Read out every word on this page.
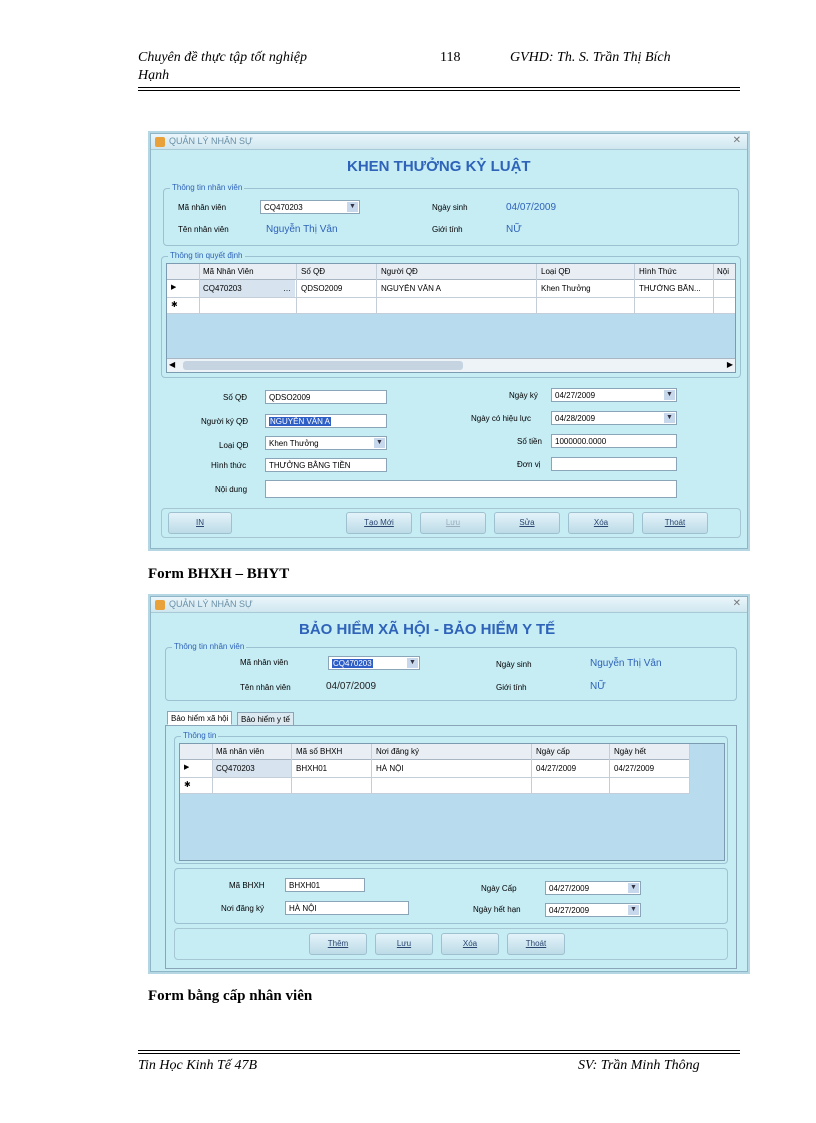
Chuyên đề thực tập tốt nghiệp
Hạnh
118	GVHD: Th. S. Trần Thị Bích
QUẢN LÝ NHÂN SỰ	✕
KHEN THƯỞNG KỶ LUẬT
Thông tin nhân viên
Mã nhân viên	CQ470203	▼	Ngày sinh	04/07/2009
Tên nhân viên	Nguyễn Thị Vân	Giới tính	NỮ
Thông tin quyết định
Mã Nhân Viên	Số QĐ	Người QĐ	Loại QĐ	Hình Thức	Nội
▶	CQ470203	… QDSO2009	NGUYỄN VĂN A	Khen Thưởng	THƯỞNG BẰN...
✱
◀	▶
Số QĐ	QDSO2009
Người ký QĐ	NGUYỄN VĂN A
Loại QĐ	Khen Thưởng	▼
Hình thức	THƯỞNG BẰNG TIỀN
Nội dung
Ngày ký	04/27/2009	▼
Ngày có hiệu lực	04/28/2009	▼
Số tiền	1000000.0000
Đơn vị
IN	Tạo Mới	Lưu	Sửa	Xóa	Thoát
Form BHXH – BHYT
QUẢN LÝ NHÂN SỰ	✕
BẢO HIỂM XÃ HỘI - BẢO HIỂM Y TẾ
Thông tin nhân viên
Mã nhân viên	CQ470203	▼	Ngày sinh	Nguyễn Thị Vân
Tên nhân viên	04/07/2009	Giới tính	NỮ
Bảo hiểm xã hội	Bảo hiểm y tế
Thông tin
Mã nhân viên	Mã số BHXH	Nơi đăng ký	Ngày cấp	Ngày hết
▶	CQ470203	BHXH01	HÀ NỘI	04/27/2009	04/27/2009
✱
Mã BHXH	BHXH01
Nơi đăng ký	HÀ NỘI
Ngày Cấp	04/27/2009	▼
Ngày hết hạn	04/27/2009	▼
Thêm	Lưu	Xóa	Thoát
Form bằng cấp nhân viên
Tin Học Kinh Tế 47B	SV: Trần Minh Thông
